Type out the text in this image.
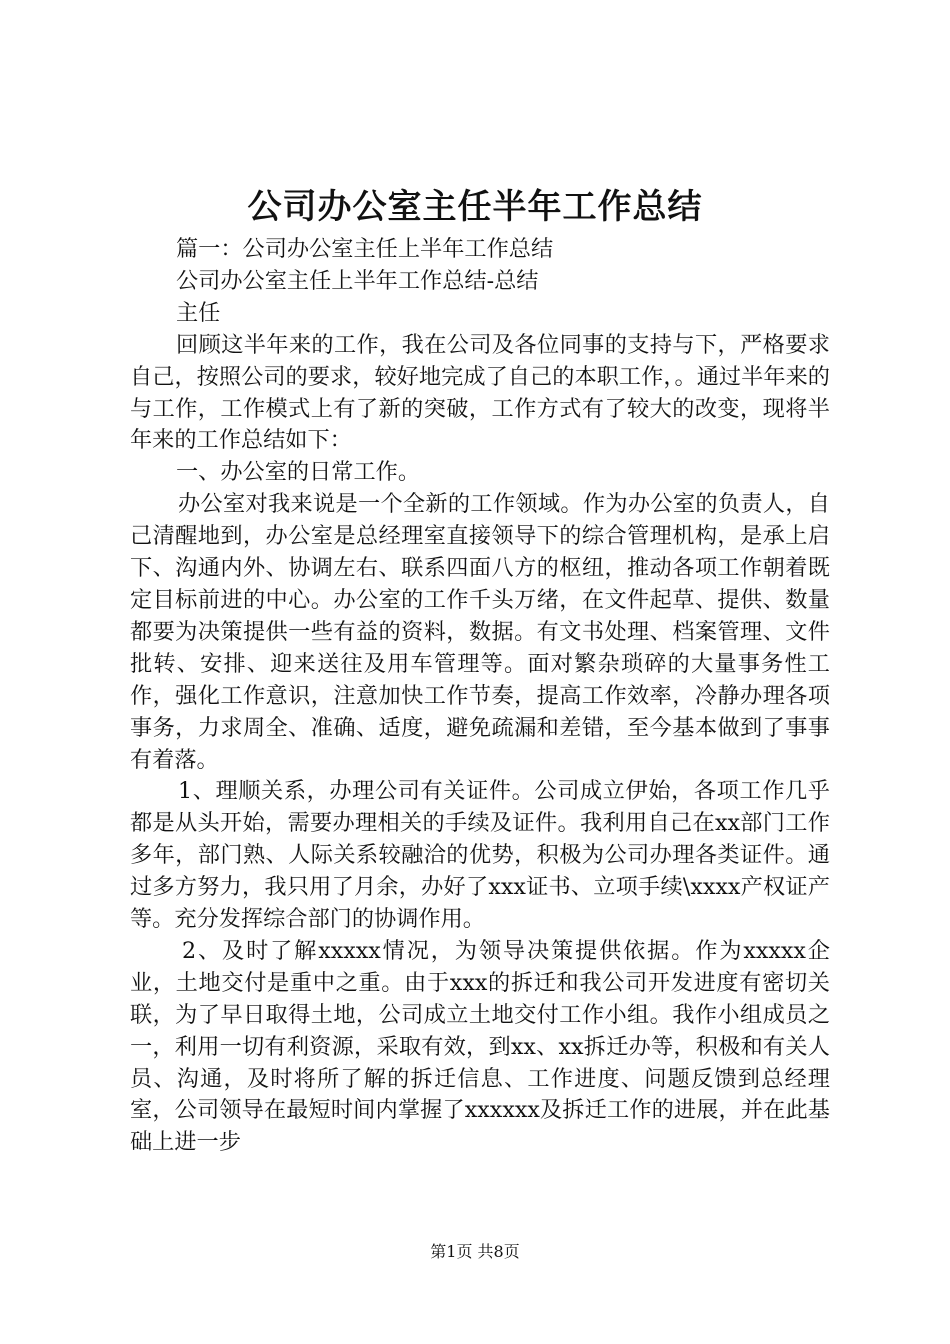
公司办公室主任半年工作总结

篇一：公司办公室主任上半年工作总结

公司办公室主任上半年工作总结-总结

主任

回顾这半年来的工作，我在公司及各位同事的支持与下，严格要求自己，按照公司的要求，较好地完成了自己的本职工作，。通过半年来的与工作，工作模式上有了新的突破，工作方式有了较大的改变，现将半年来的工作总结如下：

一、办公室的日常工作。

办公室对我来说是一个全新的工作领域。作为办公室的负责人，自己清醒地到，办公室是总经理室直接领导下的综合管理机构，是承上启下、沟通内外、协调左右、联系四面八方的枢纽，推动各项工作朝着既定目标前进的中心。办公室的工作千头万绪，在文件起草、提供、数量都要为决策提供一些有益的资料，数据。有文书处理、档案管理、文件批转、安排、迎来送往及用车管理等。面对繁杂琐碎的大量事务性工作，强化工作意识，注意加快工作节奏，提高工作效率，冷静办理各项事务，力求周全、准确、适度，避免疏漏和差错，至今基本做到了事事有着落。

1、理顺关系，办理公司有关证件。公司成立伊始，各项工作几乎都是从头开始，需要办理相关的手续及证件。我利用自己在xx部门工作多年，部门熟、人际关系较融洽的优势，积极为公司办理各类证件。通过多方努力，我只用了月余，办好了xxx证书、立项手续\xxxx产权证产等。充分发挥综合部门的协调作用。

2、及时了解xxxxx情况，为领导决策提供依据。作为xxxxx企业，土地交付是重中之重。由于xxx的拆迁和我公司开发进度有密切关联，为了早日取得土地，公司成立土地交付工作小组。我作小组成员之一，利用一切有利资源，采取有效，到xx、xx拆迁办等，积极和有关人员、沟通，及时将所了解的拆迁信息、工作进度、问题反馈到总经理室，公司领导在最短时间内掌握了xxxxxx及拆迁工作的进展，并在此基础上进一步

第1页 共8页
